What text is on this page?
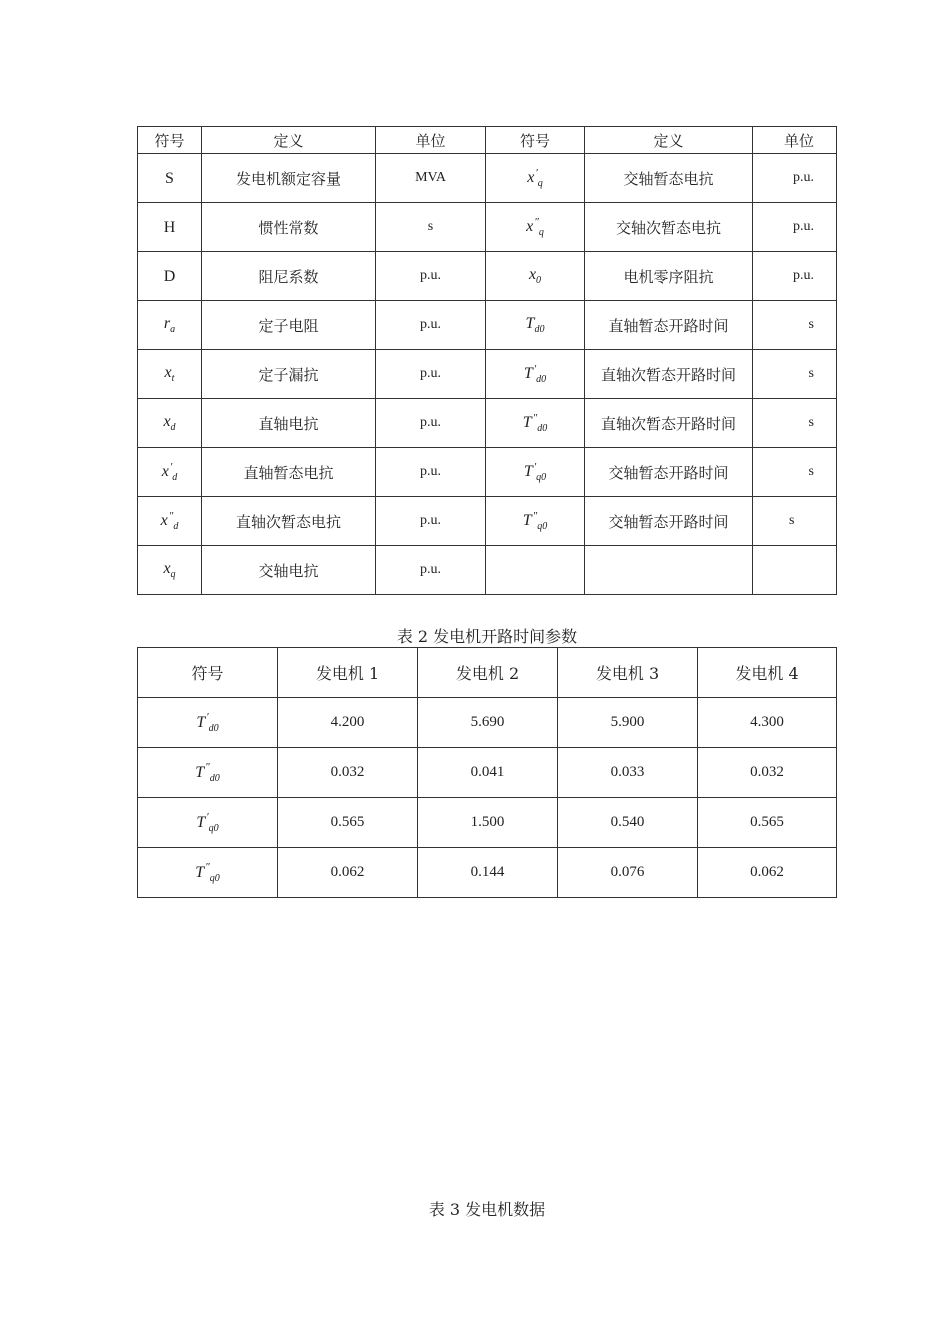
符号	定义	单位	符号	定义	单位
S	发电机额定容量	MVA	$x'_q$	交轴暂态电抗	p.u.
H	惯性常数	s	$x''_q$	交轴次暂态电抗	p.u.
D	阻尼系数	p.u.	$x_0$	电机零序阻抗	p.u.
$r_a$	定子电阻	p.u.	$T_{d0}$	直轴暂态开路时间	s
$x_t$	定子漏抗	p.u.	$T'_{d0}$	直轴次暂态开路时间	s
$x_d$	直轴电抗	p.u.	$T''_{d0}$	直轴次暂态开路时间	s
$x'_d$	直轴暂态电抗	p.u.	$T'_{q0}$	交轴暂态开路时间	s
$x''_d$	直轴次暂态电抗	p.u.	$T''_{q0}$	交轴暂态开路时间	s
$x_q$	交轴电抗	p.u.			
表 2 发电机开路时间参数
符号	发电机 1	发电机 2	发电机 3	发电机 4
$T'_{d0}$	4.200	5.690	5.900	4.300
$T''_{d0}$	0.032	0.041	0.033	0.032
$T'_{q0}$	0.565	1.500	0.540	0.565
$T''_{q0}$	0.062	0.144	0.076	0.062
表 3 发电机数据
